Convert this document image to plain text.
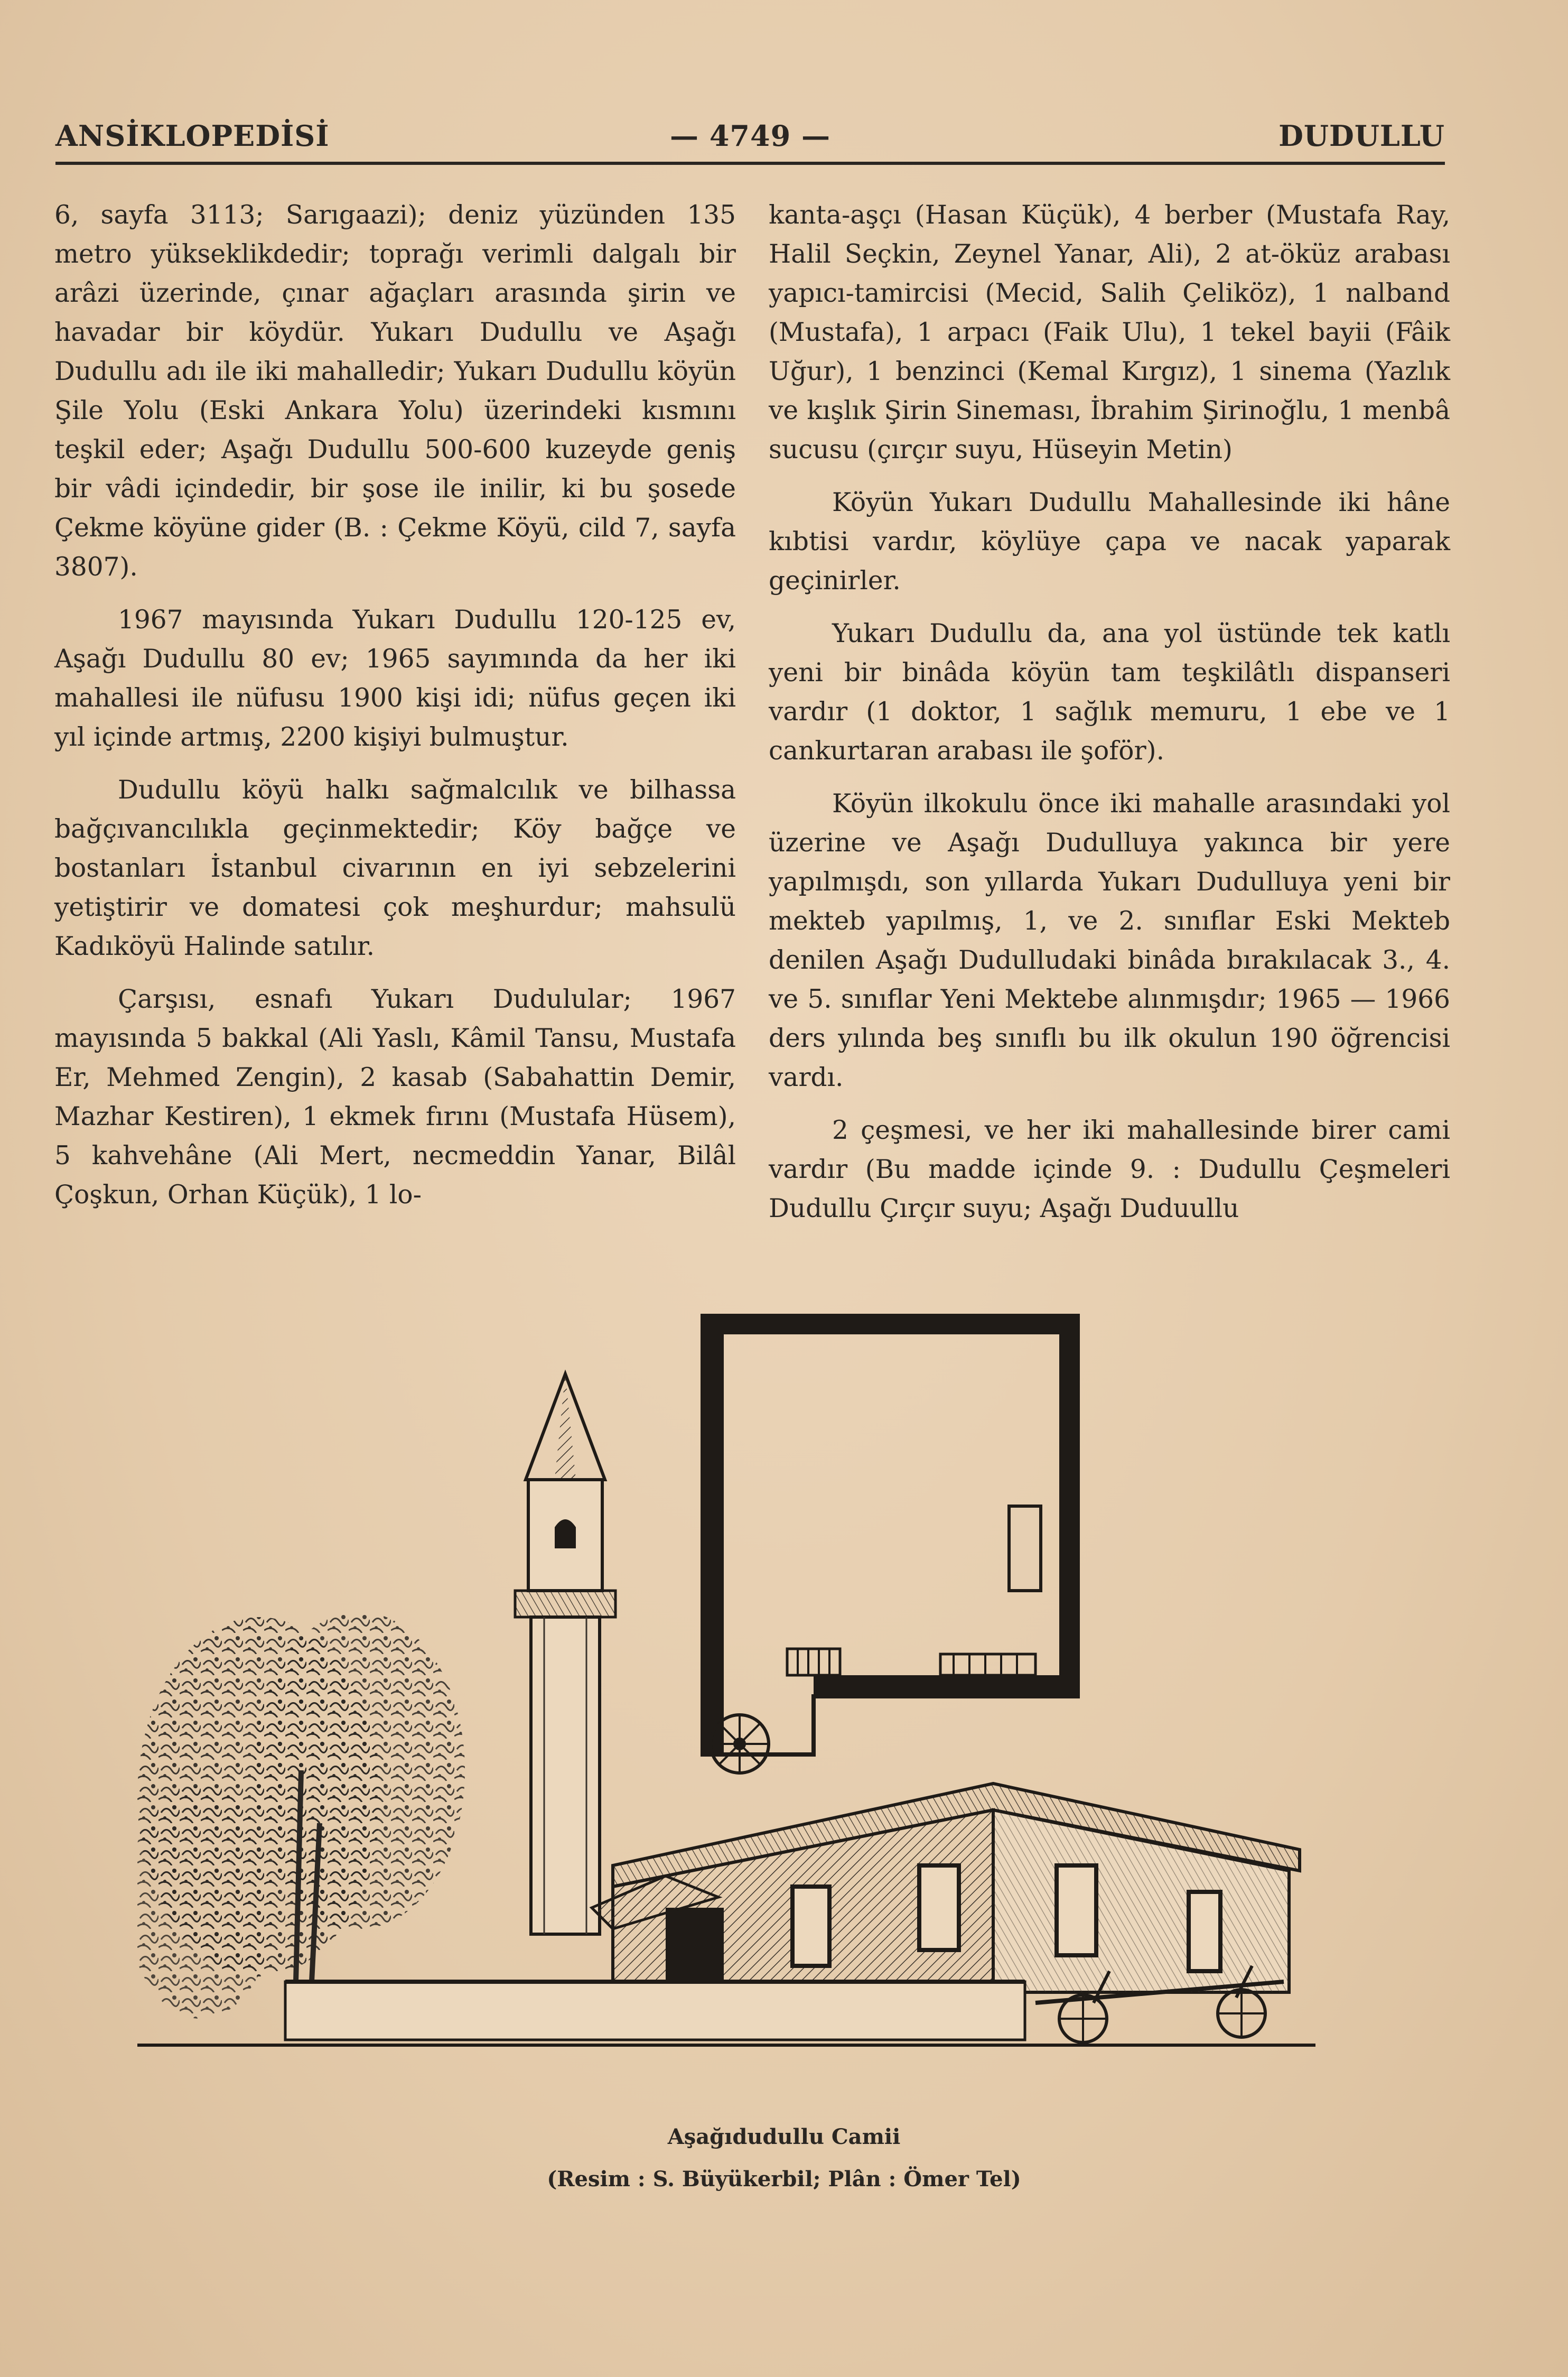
ANSİKLOPEDİSİ	— 4749 —	DUDULLU

6, sayfa 3113; Sarıgaazi); deniz yüzünden 135 metro yükseklikdedir; toprağı verimli dalgalı bir arâzi üzerinde, çınar ağaçları arasında şirin ve havadar bir köydür. Yukarı Dudullu ve Aşağı Dudullu adı ile iki mahalledir; Yukarı Dudullu köyün Şile Yolu (Eski Ankara Yolu) üzerindeki kısmını teşkil eder; Aşağı Dudullu 500-600 kuzeyde geniş bir vâdi içindedir, bir şose ile inilir, ki bu şosede Çekme köyüne gider (B. : Çekme Köyü, cild 7, sayfa 3807).

1967 mayısında Yukarı Dudullu 120-125 ev, Aşağı Dudullu 80 ev; 1965 sayımında da her iki mahallesi ile nüfusu 1900 kişi idi; nüfus geçen iki yıl içinde artmış, 2200 kişiyi bulmuştur.

Dudullu köyü halkı sağmalcılık ve bilhassa bağçıvancılıkla geçinmektedir; Köy bağçe ve bostanları İstanbul civarının en iyi sebzelerini yetiştirir ve domatesi çok meşhurdur; mahsulü Kadıköyü Halinde satılır.

Çarşısı, esnafı Yukarı Dudulular; 1967 mayısında 5 bakkal (Ali Yaslı, Kâmil Tansu, Mustafa Er, Mehmed Zengin), 2 kasab (Sabahattin Demir, Mazhar Kestiren), 1 ekmek fırını (Mustafa Hüsem), 5 kahvehâne (Ali Mert, necmeddin Yanar, Bilâl Çoşkun, Orhan Küçük), 1 lo-

kanta-aşçı (Hasan Küçük), 4 berber (Mustafa Ray, Halil Seçkin, Zeynel Yanar, Ali), 2 at-öküz arabası yapıcı-tamircisi (Mecid, Salih Çeliköz), 1 nalband (Mustafa), 1 arpacı (Faik Ulu), 1 tekel bayii (Fâik Uğur), 1 benzinci (Kemal Kırgız), 1 sinema (Yazlık ve kışlık Şirin Sineması, İbrahim Şirinoğlu, 1 menbâ sucusu (çırçır suyu, Hüseyin Metin)

Köyün Yukarı Dudullu Mahallesinde iki hâne kıbtisi vardır, köylüye çapa ve nacak yaparak geçinirler.

Yukarı Dudullu da, ana yol üstünde tek katlı yeni bir binâda köyün tam teşkilâtlı dispanseri vardır (1 doktor, 1 sağlık memuru, 1 ebe ve 1 cankurtaran arabası ile şoför).

Köyün ilkokulu önce iki mahalle arasındaki yol üzerine ve Aşağı Dudulluya yakınca bir yere yapılmışdı, son yıllarda Yukarı Dudulluya yeni bir mekteb yapılmış, 1, ve 2. sınıflar Eski Mekteb denilen Aşağı Dudulludaki binâda bırakılacak 3., 4. ve 5. sınıflar Yeni Mektebe alınmışdır; 1965 — 1966 ders yılında beş sınıflı bu ilk okulun 190 öğrencisi vardı.

2 çeşmesi, ve her iki mahallesinde birer cami vardır (Bu madde içinde 9. : Dudullu Çeşmeleri Dudullu Çırçır suyu; Aşağı Duduullu

Aşağıdudullu Camii
(Resim : S. Büyükerbil; Plân : Ömer Tel)
